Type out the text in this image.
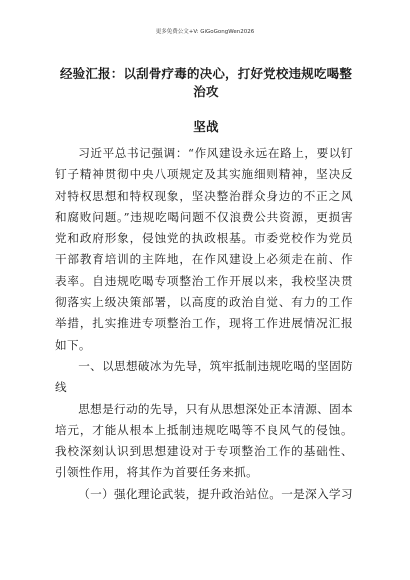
更多免费公文+V: GiGoGongWen2026
经验汇报：以刮骨疗毒的决心，打好党校违规吃喝整治攻
坚战

习近平总书记强调：“作风建设永远在路上，要以钉钉子精神贯彻中央八项规定及其实施细则精神，坚决反对特权思想和特权现象，坚决整治群众身边的不正之风和腐败问题。”违规吃喝问题不仅浪费公共资源，更损害党和政府形象，侵蚀党的执政根基。市委党校作为党员干部教育培训的主阵地，在作风建设上必须走在前、作表率。自违规吃喝专项整治工作开展以来，我校坚决贯彻落实上级决策部署，以高度的政治自觉、有力的工作举措，扎实推进专项整治工作，现将工作进展情况汇报如下。

一、以思想破冰为先导，筑牢抵制违规吃喝的坚固防线

思想是行动的先导，只有从思想深处正本清源、固本培元，才能从根本上抵制违规吃喝等不良风气的侵蚀。我校深刻认识到思想建设对于专项整治工作的基础性、引领性作用，将其作为首要任务来抓。

（一）强化理论武装，提升政治站位。一是深入学习
